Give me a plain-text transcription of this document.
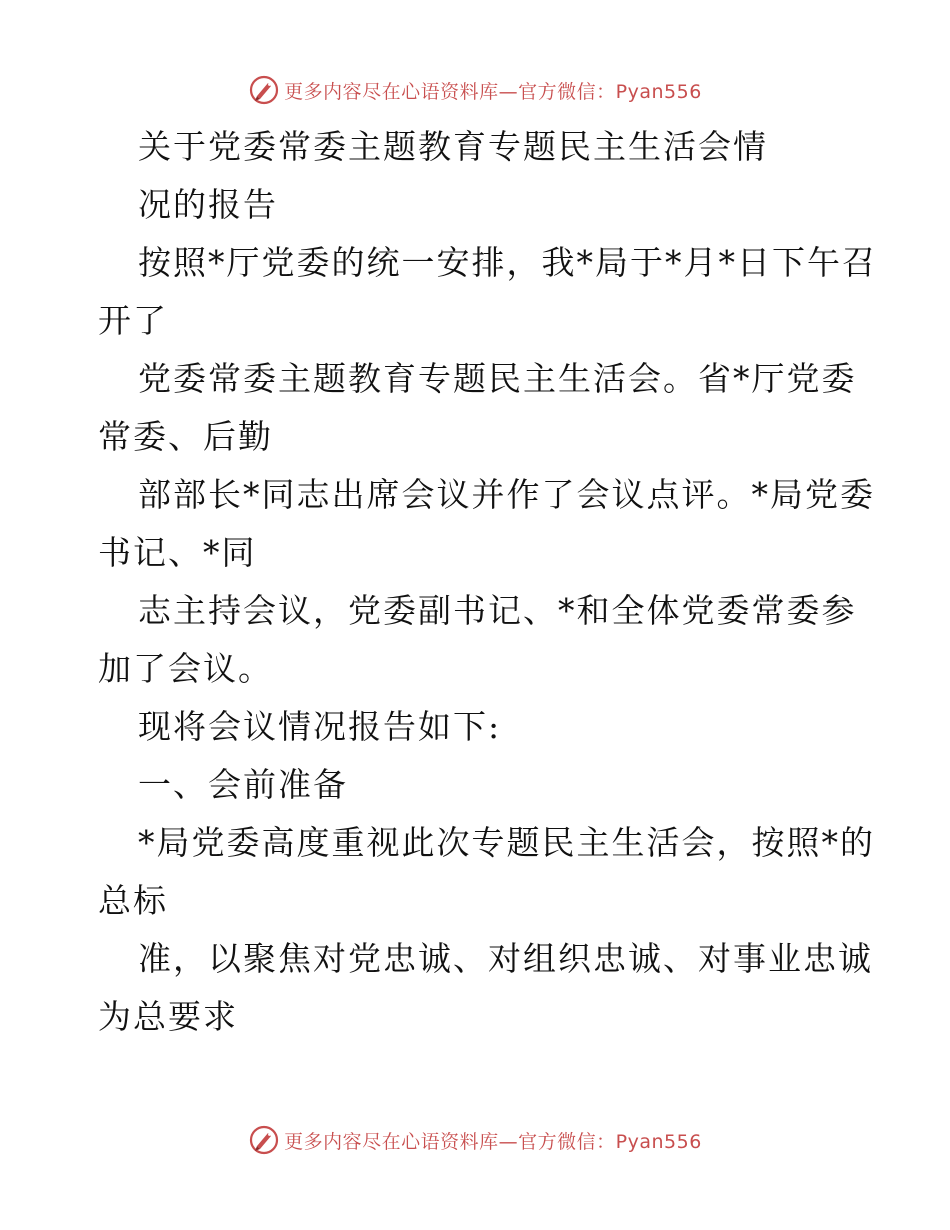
更多内容尽在心语资料库—官方微信：Pyan556

关于党委常委主题教育专题民主生活会情

况的报告

按照*厅党委的统一安排，我*局于*月*日下午召

开了

党委常委主题教育专题民主生活会。省*厅党委

常委、后勤

部部长*同志出席会议并作了会议点评。*局党委

书记、*同

志主持会议，党委副书记、*和全体党委常委参

加了会议。

现将会议情况报告如下:

一、会前准备

*局党委高度重视此次专题民主生活会，按照*的

总标

准，以聚焦对党忠诚、对组织忠诚、对事业忠诚

为总要求

更多内容尽在心语资料库—官方微信：Pyan556
